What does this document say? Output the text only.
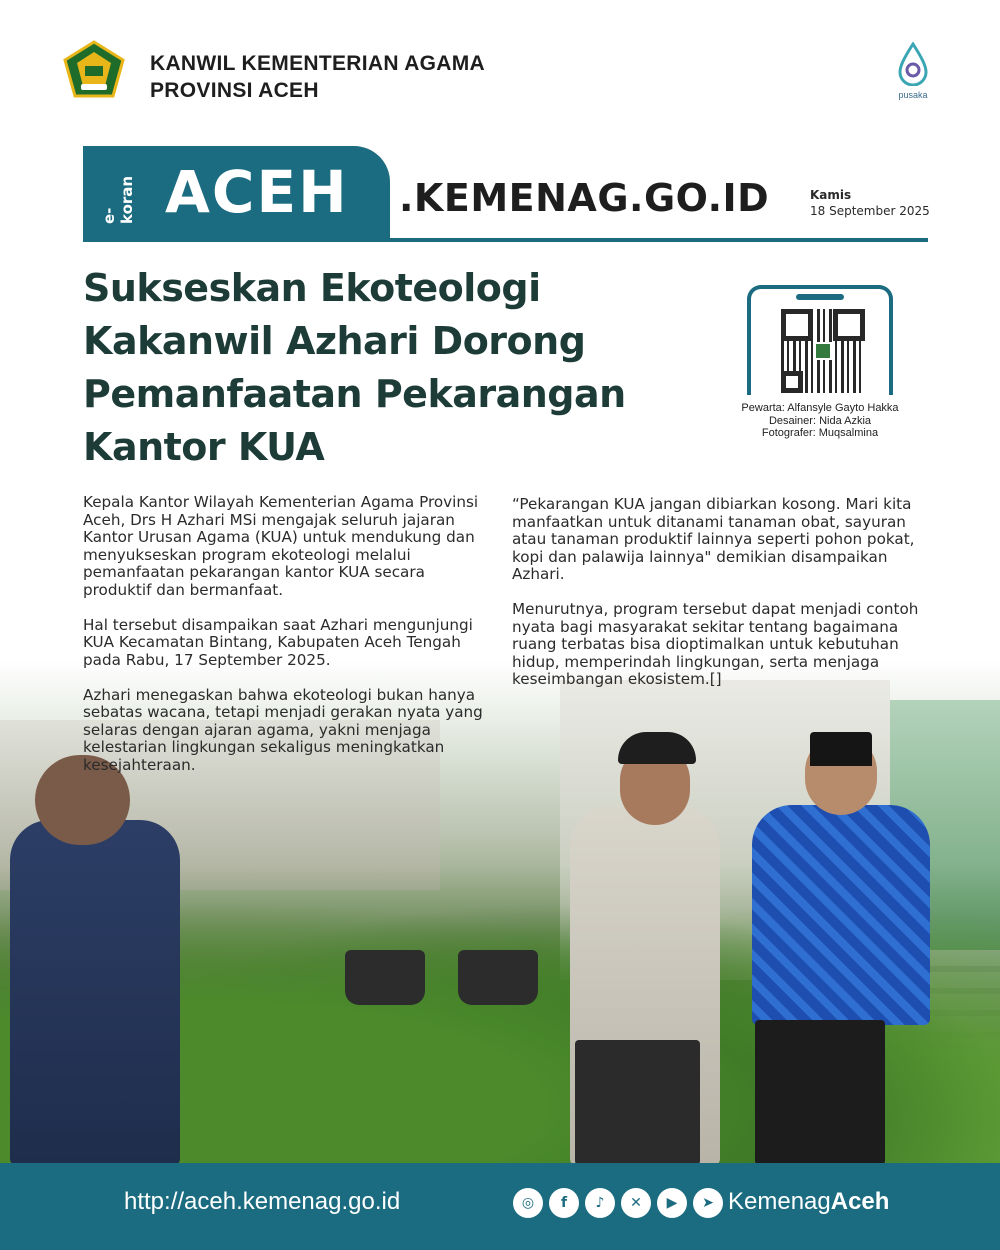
KANWIL KEMENTERIAN AGAMA
PROVINSI ACEH	pusaka
e-koran ACEH .KEMENAG.GO.ID	Kamis
18 September 2025
Sukseskan Ekoteologi
Kakanwil Azhari Dorong
Pemanfaatan Pekarangan
Kantor KUA
Pewarta: Alfansyle Gayto Hakka
Desainer: Nida Azkia
Fotografer: Muqsalmina

Kepala Kantor Wilayah Kementerian Agama Provinsi Aceh, Drs H Azhari MSi mengajak seluruh jajaran Kantor Urusan Agama (KUA) untuk mendukung dan menyukseskan program ekoteologi melalui pemanfaatan pekarangan kantor KUA secara produktif dan bermanfaat.

Hal tersebut disampaikan saat Azhari mengunjungi KUA Kecamatan Bintang, Kabupaten Aceh Tengah pada Rabu, 17 September 2025.

Azhari menegaskan bahwa ekoteologi bukan hanya sebatas wacana, tetapi menjadi gerakan nyata yang selaras dengan ajaran agama, yakni menjaga kelestarian lingkungan sekaligus meningkatkan kesejahteraan.

“Pekarangan KUA jangan dibiarkan kosong. Mari kita manfaatkan untuk ditanami tanaman obat, sayuran atau tanaman produktif lainnya seperti pohon pokat, kopi dan palawija lainnya" demikian disampaikan Azhari.

Menurutnya, program tersebut dapat menjadi contoh nyata bagi masyarakat sekitar tentang bagaimana ruang terbatas bisa dioptimalkan untuk kebutuhan hidup, memperindah lingkungan, serta menjaga keseimbangan ekosistem.[]

http://aceh.kemenag.go.id	◎	f	♪	✕	▶	➤ KemenagAceh
